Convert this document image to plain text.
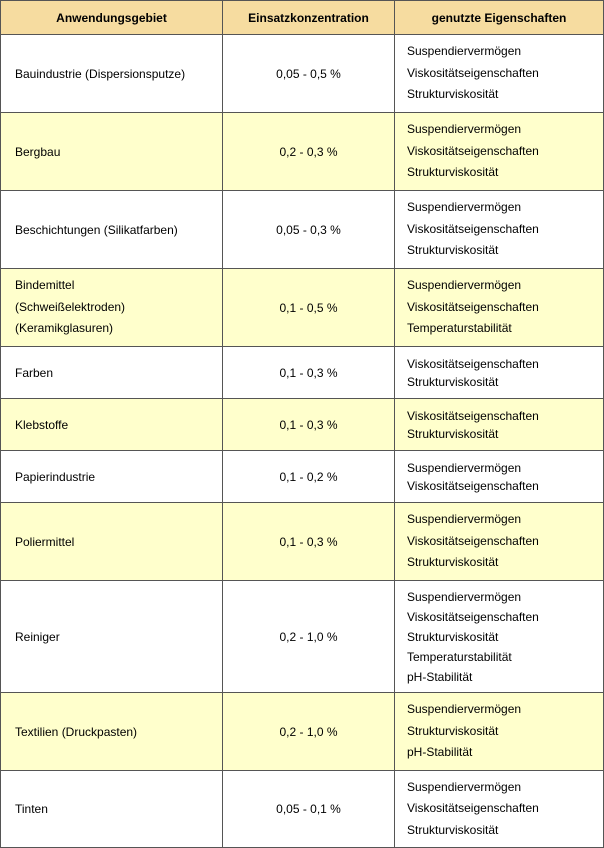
Anwendungsgebiet	Einsatzkonzentration	genutzte Eigenschaften

Bauindustrie (Dispersionsputze)	0,05 - 0,5 %	Suspendiervermögen
Viskositätseigenschaften
Strukturviskosität

Bergbau	0,2 - 0,3 %	Suspendiervermögen
Viskositätseigenschaften
Strukturviskosität

Beschichtungen (Silikatfarben)	0,05 - 0,3 %	Suspendiervermögen
Viskositätseigenschaften
Strukturviskosität

Bindemittel
(Schweißelektroden)
(Keramikglasuren)	0,1 - 0,5 %	Suspendiervermögen
Viskositätseigenschaften
Temperaturstabilität

Farben	0,1 - 0,3 %	Viskositätseigenschaften
Strukturviskosität

Klebstoffe	0,1 - 0,3 %	Viskositätseigenschaften
Strukturviskosität

Papierindustrie	0,1 - 0,2 %	Suspendiervermögen
Viskositätseigenschaften

Poliermittel	0,1 - 0,3 %	Suspendiervermögen
Viskositätseigenschaften
Strukturviskosität

Reiniger	0,2 - 1,0 %	Suspendiervermögen
Viskositätseigenschaften
Strukturviskosität
Temperaturstabilität
pH-Stabilität

Textilien (Druckpasten)	0,2 - 1,0 %	Suspendiervermögen
Strukturviskosität
pH-Stabilität

Tinten	0,05 - 0,1 %	Suspendiervermögen
Viskositätseigenschaften
Strukturviskosität
